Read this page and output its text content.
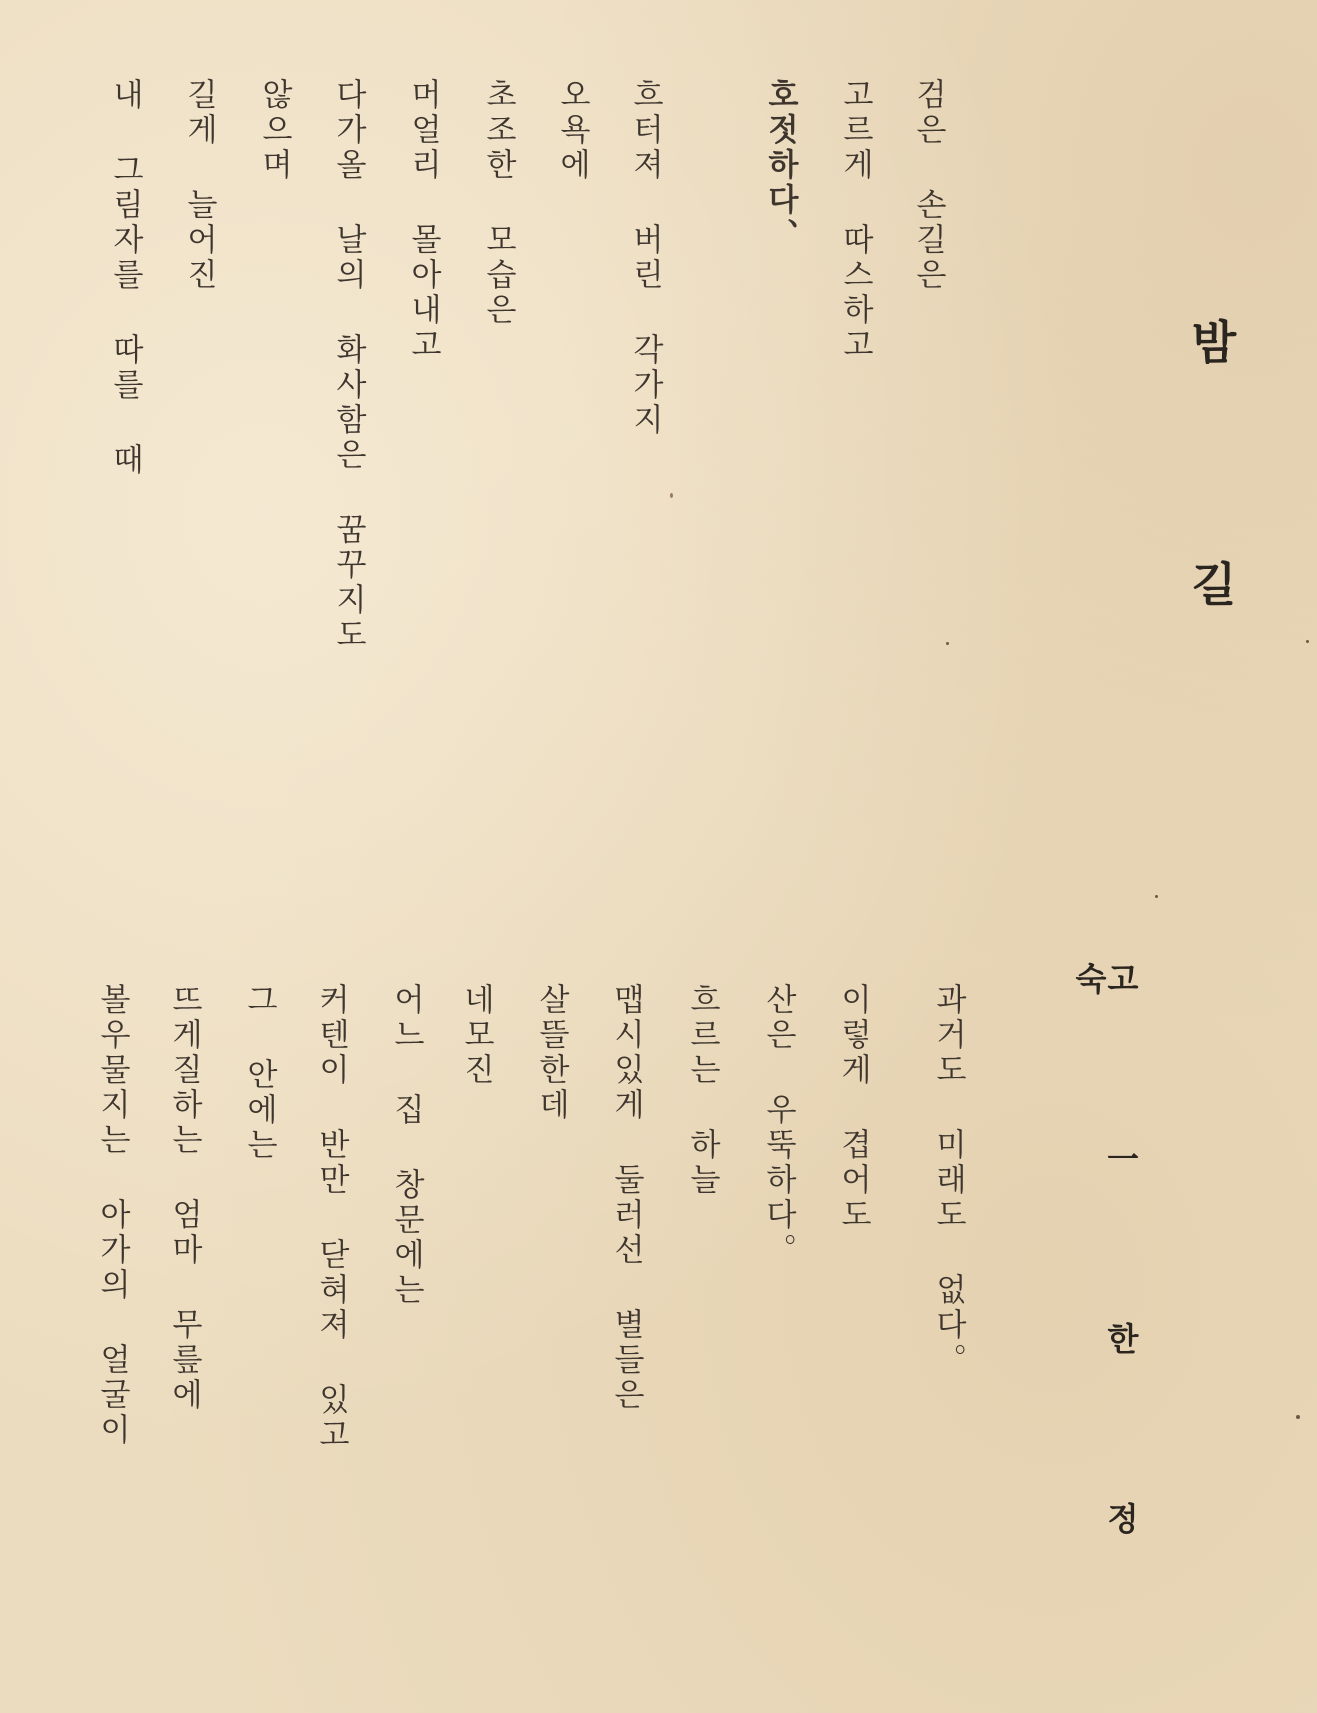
밤길
고一한정숙
검은 손길은
고르게 따스하고
호젓하다、
흐터져 버린 각가지
오욕에
초조한 모습은
머얼리 몰아내고
다가올 날의 화사함은 꿈꾸지도
않으며
길게 늘어진
내 그림자를 따를 때
과거도 미래도 없다。
이렇게 겹어도
산은 우뚝하다。
흐르는 하늘
맵시있게 둘러선 별들은
살뜰한데
네모진
어느 집 창문에는
커텐이 반만 닫혀져 있고
그 안에는
뜨게질하는 엄마 무릎에
볼우물지는 아가의 얼굴이
